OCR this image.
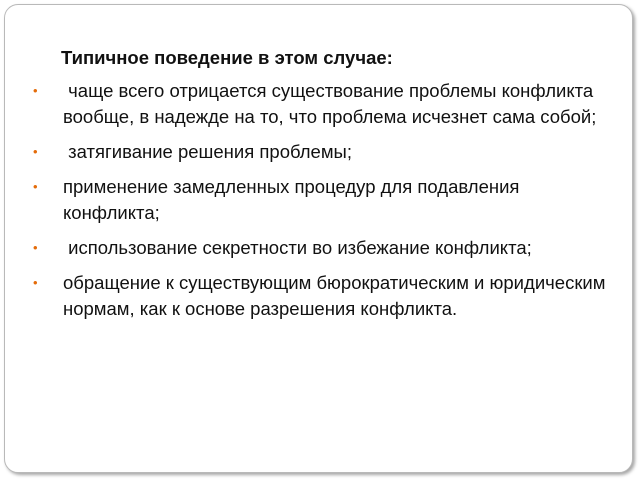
Типичное поведение в этом случае:
• чаще всего отрицается существование проблемы конфликта вообще, в надежде на то, что проблема исчезнет сама собой;
• затягивание решения проблемы;
• применение замедленных процедур для подавления конфликта;
• использование секретности во избежание конфликта;
• обращение к существующим бюрократическим и юридическим нормам, как к основе разрешения конфликта.
